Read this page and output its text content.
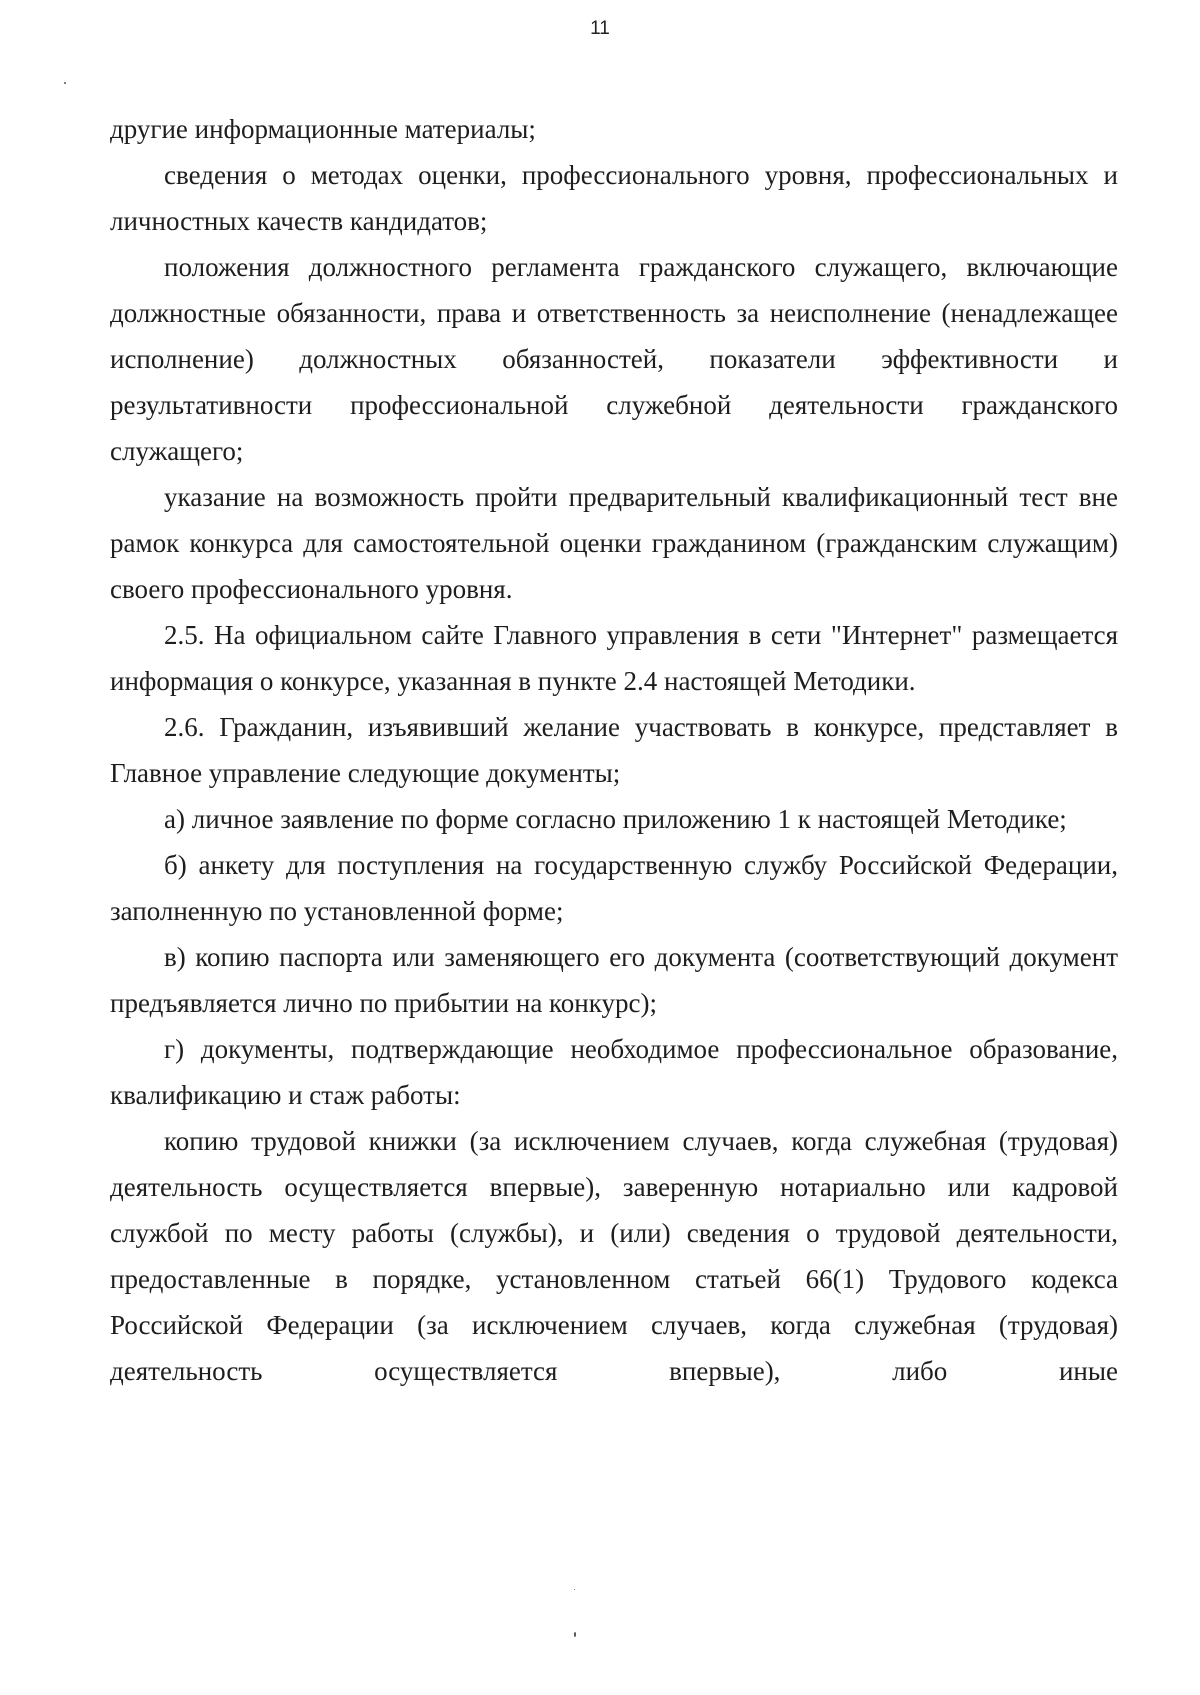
11

другие информационные материалы;

сведения о методах оценки, профессионального уровня, профессиональных и личностных качеств кандидатов;

положения должностного регламента гражданского служащего, включающие должностные обязанности, права и ответственность за неисполнение (ненадлежащее исполнение) должностных обязанностей, показатели эффективности и результативности профессиональной служебной деятельности гражданского служащего;

указание на возможность пройти предварительный квалификационный тест вне рамок конкурса для самостоятельной оценки гражданином (гражданским служащим) своего профессионального уровня.

2.5. На официальном сайте Главного управления в сети "Интернет" размещается информация о конкурсе, указанная в пункте 2.4 настоящей Методики.

2.6. Гражданин, изъявивший желание участвовать в конкурсе, представляет в Главное управление следующие документы;

а) личное заявление по форме согласно приложению 1 к настоящей Методике;

б) анкету для поступления на государственную службу Российской Федерации, заполненную по установленной форме;

в) копию паспорта или заменяющего его документа (соответствующий документ предъявляется лично по прибытии на конкурс);

г) документы, подтверждающие необходимое профессиональное образование, квалификацию и стаж работы:

копию трудовой книжки (за исключением случаев, когда служебная (трудовая) деятельность осуществляется впервые), заверенную нотариально или кадровой службой по месту работы (службы), и (или) сведения о трудовой деятельности, предоставленные в порядке, установленном статьей 66(1) Трудового кодекса Российской Федерации (за исключением случаев, когда служебная (трудовая) деятельность осуществляется впервые), либо иные
